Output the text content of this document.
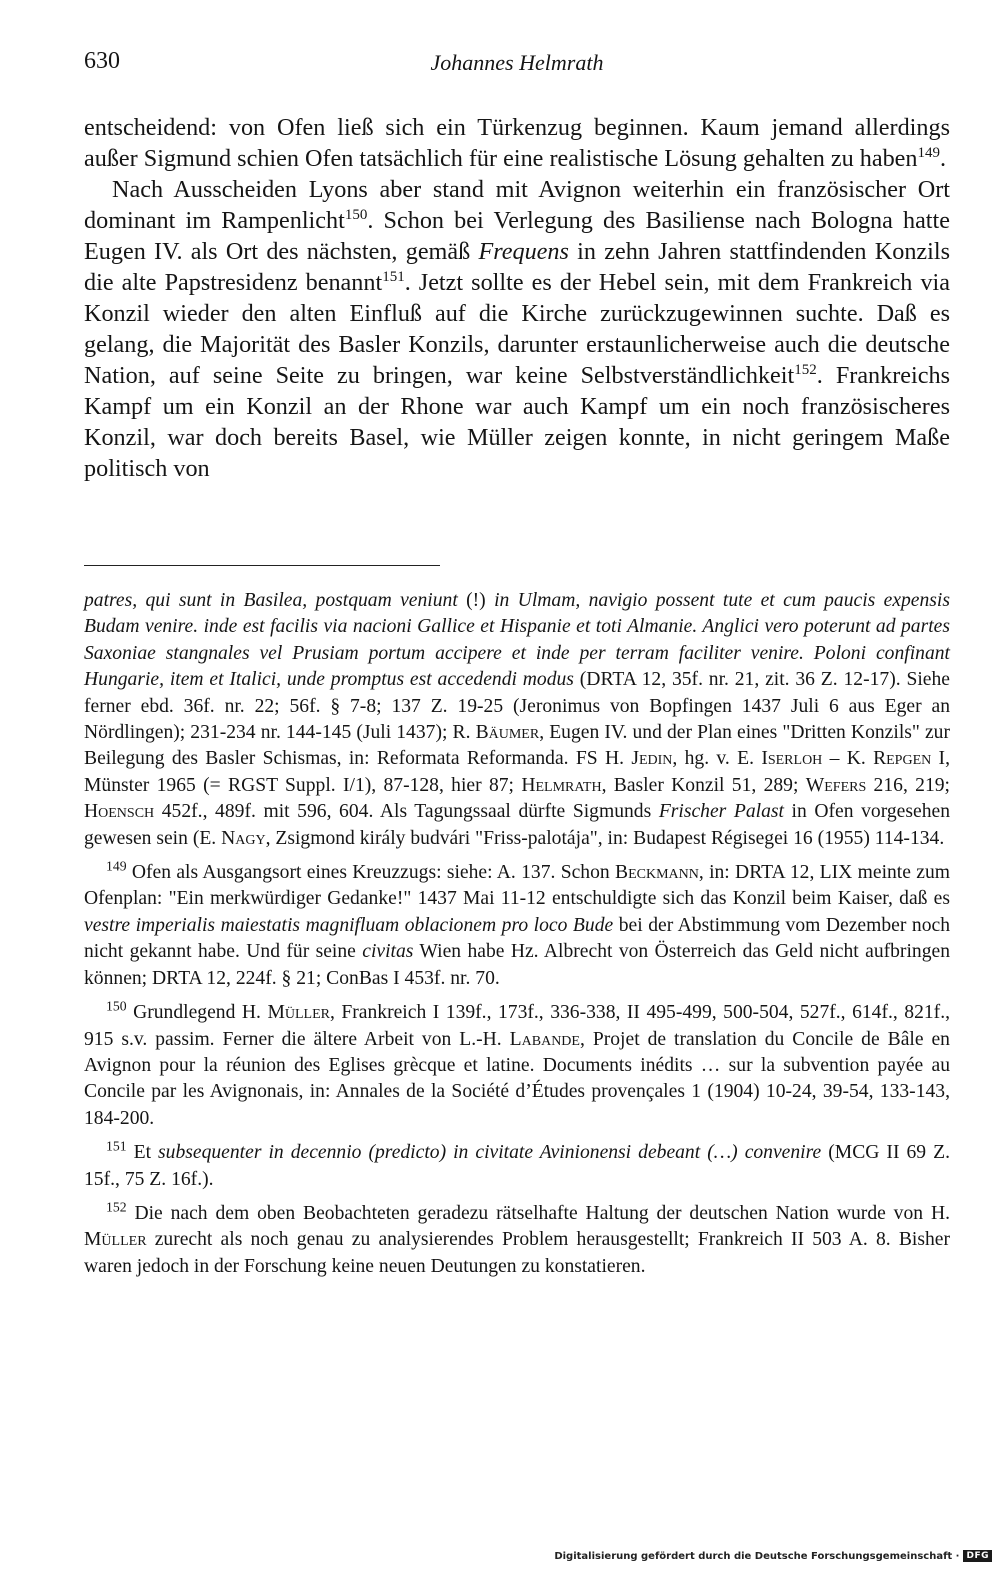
630	Johannes Helmrath

entscheidend: von Ofen ließ sich ein Türkenzug beginnen. Kaum jemand allerdings außer Sigmund schien Ofen tatsächlich für eine realistische Lösung gehalten zu haben$^{149}$.

Nach Ausscheiden Lyons aber stand mit Avignon weiterhin ein französischer Ort dominant im Rampenlicht$^{150}$. Schon bei Verlegung des Basiliense nach Bologna hatte Eugen IV. als Ort des nächsten, gemäß Frequens in zehn Jahren stattfindenden Konzils die alte Papstresidenz benannt$^{151}$. Jetzt sollte es der Hebel sein, mit dem Frankreich via Konzil wieder den alten Einfluß auf die Kirche zurückzugewinnen suchte. Daß es gelang, die Majorität des Basler Konzils, darunter erstaunlicherweise auch die deutsche Nation, auf seine Seite zu bringen, war keine Selbstverständlichkeit$^{152}$. Frankreichs Kampf um ein Konzil an der Rhone war auch Kampf um ein noch französischeres Konzil, war doch bereits Basel, wie Müller zeigen konnte, in nicht geringem Maße politisch von

patres, qui sunt in Basilea, postquam veniunt (!) in Ulmam, navigio possent tute et cum paucis expensis Budam venire. inde est facilis via nacioni Gallice et Hispanie et toti Almanie. Anglici vero poterunt ad partes Saxoniae stangnales vel Prusiam portum accipere et inde per terram faciliter venire. Poloni confinant Hungarie, item et Italici, unde promptus est accedendi modus (DRTA 12, 35f. nr. 21, zit. 36 Z. 12-17). Siehe ferner ebd. 36f. nr. 22; 56f. § 7-8; 137 Z. 19-25 (Jeronimus von Bopfingen 1437 Juli 6 aus Eger an Nördlingen); 231-234 nr. 144-145 (Juli 1437); R. Bäumer, Eugen IV. und der Plan eines "Dritten Konzils" zur Beilegung des Basler Schismas, in: Reformata Reformanda. FS H. Jedin, hg. v. E. Iserloh – K. Repgen I, Münster 1965 (= RGST Suppl. I/1), 87-128, hier 87; Helmrath, Basler Konzil 51, 289; Wefers 216, 219; Hoensch 452f., 489f. mit 596, 604. Als Tagungssaal dürfte Sigmunds Frischer Palast in Ofen vorgesehen gewesen sein (E. Nagy, Zsigmond király budvári "Friss-palotája", in: Budapest Régisegei 16 (1955) 114-134.

$^{149}$ Ofen als Ausgangsort eines Kreuzzugs: siehe: A. 137. Schon Beckmann, in: DRTA 12, LIX meinte zum Ofenplan: "Ein merkwürdiger Gedanke!" 1437 Mai 11-12 entschuldigte sich das Konzil beim Kaiser, daß es vestre imperialis maiestatis magnifluam oblacionem pro loco Bude bei der Abstimmung vom Dezember noch nicht gekannt habe. Und für seine civitas Wien habe Hz. Albrecht von Österreich das Geld nicht aufbringen können; DRTA 12, 224f. § 21; ConBas I 453f. nr. 70.

$^{150}$ Grundlegend H. Müller, Frankreich I 139f., 173f., 336-338, II 495-499, 500-504, 527f., 614f., 821f., 915 s.v. passim. Ferner die ältere Arbeit von L.-H. Labande, Projet de translation du Concile de Bâle en Avignon pour la réunion des Eglises grècque et latine. Documents inédits … sur la subvention payée au Concile par les Avignonais, in: Annales de la Société d’Études provençales 1 (1904) 10-24, 39-54, 133-143, 184-200.

$^{151}$ Et subsequenter in decennio (predicto) in civitate Avinionensi debeant (…) convenire (MCG II 69 Z. 15f., 75 Z. 16f.).

$^{152}$ Die nach dem oben Beobachteten geradezu rätselhafte Haltung der deutschen Nation wurde von H. Müller zurecht als noch genau zu analysierendes Problem herausgestellt; Frankreich II 503 A. 8. Bisher waren jedoch in der Forschung keine neuen Deutungen zu konstatieren.

Digitalisierung gefördert durch die Deutsche Forschungsgemeinschaft · DFG
